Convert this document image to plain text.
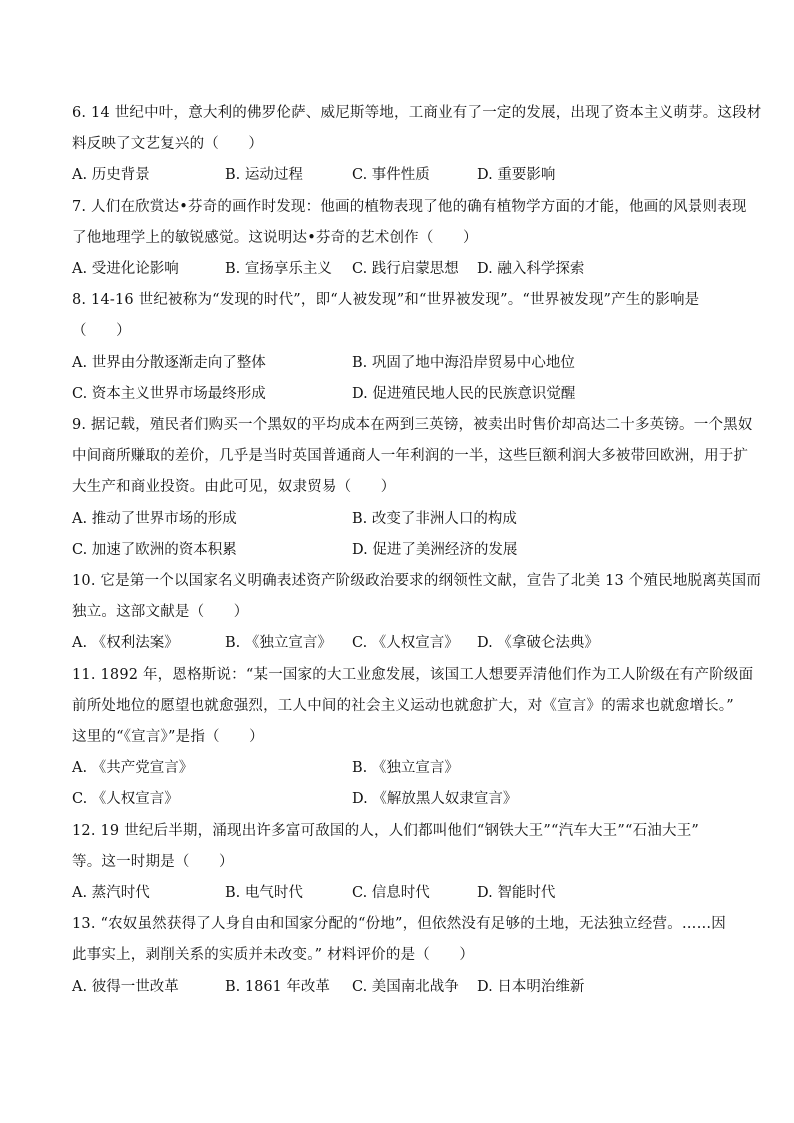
6. 14 世纪中叶，意大利的佛罗伦萨、威尼斯等地，工商业有了一定的发展，出现了资本主义萌芽。这段材
料反映了文艺复兴的（　　）
A. 历史背景	B. 运动过程	C. 事件性质	D. 重要影响
7. 人们在欣赏达•芬奇的画作时发现：他画的植物表现了他的确有植物学方面的才能，他画的风景则表现
了他地理学上的敏锐感觉。这说明达•芬奇的艺术创作（　　）
A. 受进化论影响	B. 宣扬享乐主义 C. 践行启蒙思想 D. 融入科学探索
8. 14-16 世纪被称为“发现的时代”，即“人被发现”和“世界被发现”。“世界被发现”产生的影响是
（　　）
A. 世界由分散逐渐走向了整体	B. 巩固了地中海沿岸贸易中心地位
C. 资本主义世界市场最终形成	D. 促进殖民地人民的民族意识觉醒
9. 据记载，殖民者们购买一个黑奴的平均成本在两到三英镑，被卖出时售价却高达二十多英镑。一个黑奴
中间商所赚取的差价，几乎是当时英国普通商人一年利润的一半，这些巨额利润大多被带回欧洲，用于扩
大生产和商业投资。由此可见，奴隶贸易（　　）
A. 推动了世界市场的形成	B. 改变了非洲人口的构成
C. 加速了欧洲的资本积累	D. 促进了美洲经济的发展
10. 它是第一个以国家名义明确表述资产阶级政治要求的纲领性文献，宣告了北美 13 个殖民地脱离英国而
独立。这部文献是（　　）
A. 《权利法案》	B. 《独立宣言》 C. 《人权宣言》 D. 《拿破仑法典》
11. 1892 年，恩格斯说：“某一国家的大工业愈发展，该国工人想要弄清他们作为工人阶级在有产阶级面
前所处地位的愿望也就愈强烈，工人中间的社会主义运动也就愈扩大，对《宣言》的需求也就愈增长。”
这里的“《宣言》”是指（　　）
A. 《共产党宣言》	B. 《独立宣言》
C. 《人权宣言》	D. 《解放黑人奴隶宣言》
12. 19 世纪后半期，涌现出许多富可敌国的人，人们都叫他们“钢铁大王”“汽车大王”“石油大王”
等。这一时期是（　　）
A. 蒸汽时代	B. 电气时代	C. 信息时代	D. 智能时代
13. “农奴虽然获得了人身自由和国家分配的“份地”，但依然没有足够的土地，无法独立经营。……因
此事实上，剥削关系的实质并未改变。” 材料评价的是（　　）
A. 彼得一世改革	B. 1861 年改革 C. 美国南北战争 D. 日本明治维新
